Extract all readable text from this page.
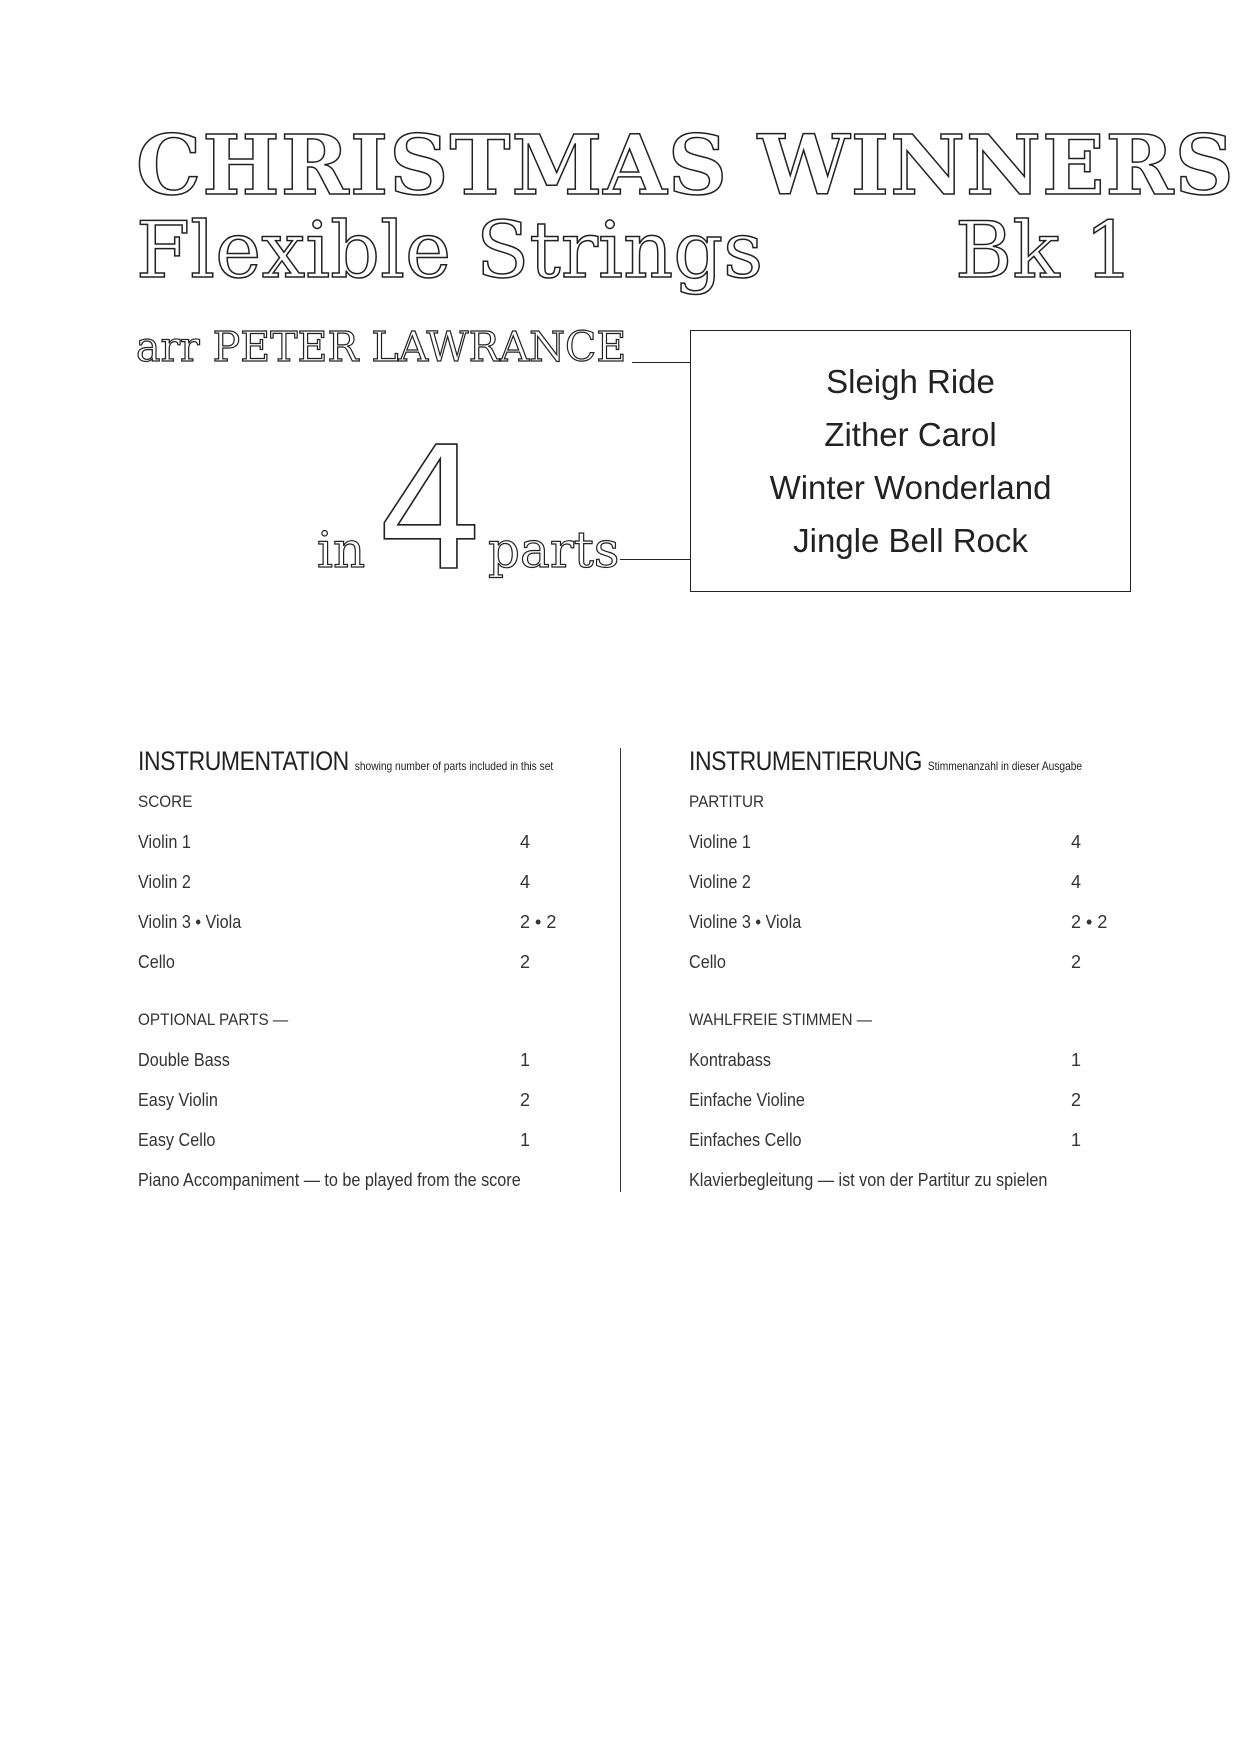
CHRISTMAS WINNERS
Flexible Strings Bk 1
arr PETER LAWRANCE
in 4 parts
Sleigh Ride
Zither Carol
Winter Wonderland
Jingle Bell Rock
INSTRUMENTATION showing number of parts included in this set
SCORE
Violin 1	4
Violin 2	4
Violin 3 • Viola	2 • 2
Cello	2
OPTIONAL PARTS —
Double Bass	1
Easy Violin	2
Easy Cello	1
Piano Accompaniment — to be played from the score
INSTRUMENTIERUNG Stimmenanzahl in dieser Ausgabe
PARTITUR
Violine 1	4
Violine 2	4
Violine 3 • Viola	2 • 2
Cello	2
WAHLFREIE STIMMEN —
Kontrabass	1
Einfache Violine	2
Einfaches Cello	1
Klavierbegleitung — ist von der Partitur zu spielen
